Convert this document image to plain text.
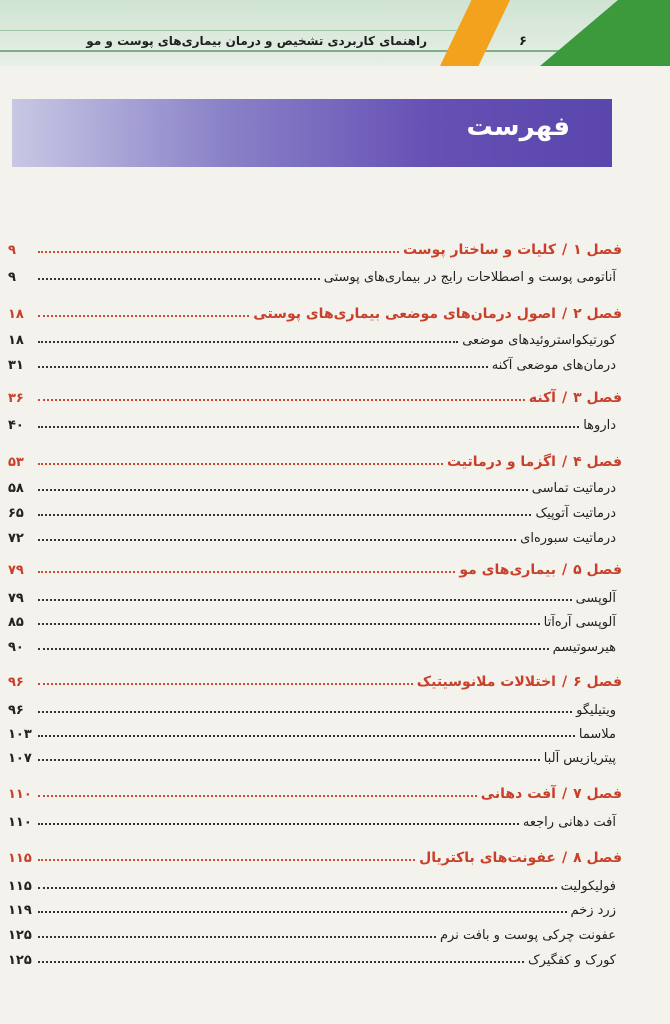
راهنمای کاربردی تشخیص و درمان بیماری‌های پوست و مو	۶
فهرست
فصل ۱/کلیات و ساختار پوست
۹
آناتومی پوست و اصطلاحات رایج در بیماری‌های پوستی
۹
فصل ۲/اصول درمان‌های موضعی بیماری‌های پوستی
۱۸
کورتیکواستروئیدهای موضعی
۱۸
درمان‌های موضعی آکنه
۳۱
فصل ۳/آکنه
۳۶
داروها
۴۰
فصل ۴/اگزما و درماتیت
۵۳
درماتیت تماسی
۵۸
درماتیت آتوپیک
۶۵
درماتیت سبوره‌ای
۷۲
فصل ۵/بیماری‌های مو
۷۹
آلوپسی
۷۹
آلوپسی آره‌آتا
۸۵
هیرسوتیسم
۹۰
فصل ۶/اختلالات ملانوسیتیک
۹۶
ویتیلیگو
۹۶
ملاسما
۱۰۳
پیتریازیس آلبا
۱۰۷
فصل ۷/آفت دهانی
۱۱۰
آفت دهانی راجعه
۱۱۰
فصل ۸/عفونت‌های باکتریال
۱۱۵
فولیکولیت
۱۱۵
زرد زخم
۱۱۹
عفونت چرکی پوست و بافت نرم
۱۲۵
کورک و کفگیرک
۱۲۵
